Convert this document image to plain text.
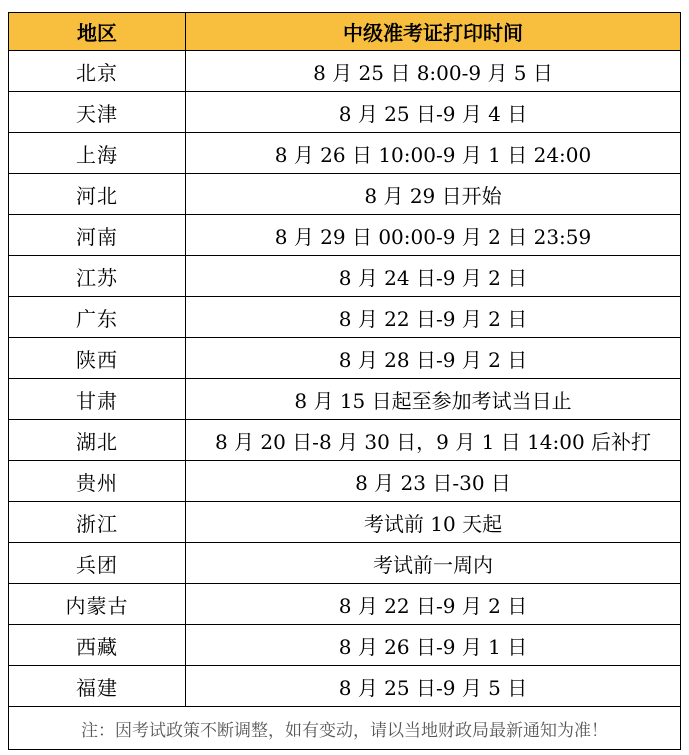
地区	中级准考证打印时间
北京	8 月 25 日 8:00-9 月 5 日
天津	8 月 25 日-9 月 4 日
上海	8 月 26 日 10:00-9 月 1 日 24:00
河北	8 月 29 日开始
河南	8 月 29 日 00:00-9 月 2 日 23:59
江苏	8 月 24 日-9 月 2 日
广东	8 月 22 日-9 月 2 日
陕西	8 月 28 日-9 月 2 日
甘肃	8 月 15 日起至参加考试当日止
湖北	8 月 20 日-8 月 30 日，9 月 1 日 14:00 后补打
贵州	8 月 23 日-30 日
浙江	考试前 10 天起
兵团	考试前一周内
内蒙古	8 月 22 日-9 月 2 日
西藏	8 月 26 日-9 月 1 日
福建	8 月 25 日-9 月 5 日
注：因考试政策不断调整，如有变动，请以当地财政局最新通知为准！	
